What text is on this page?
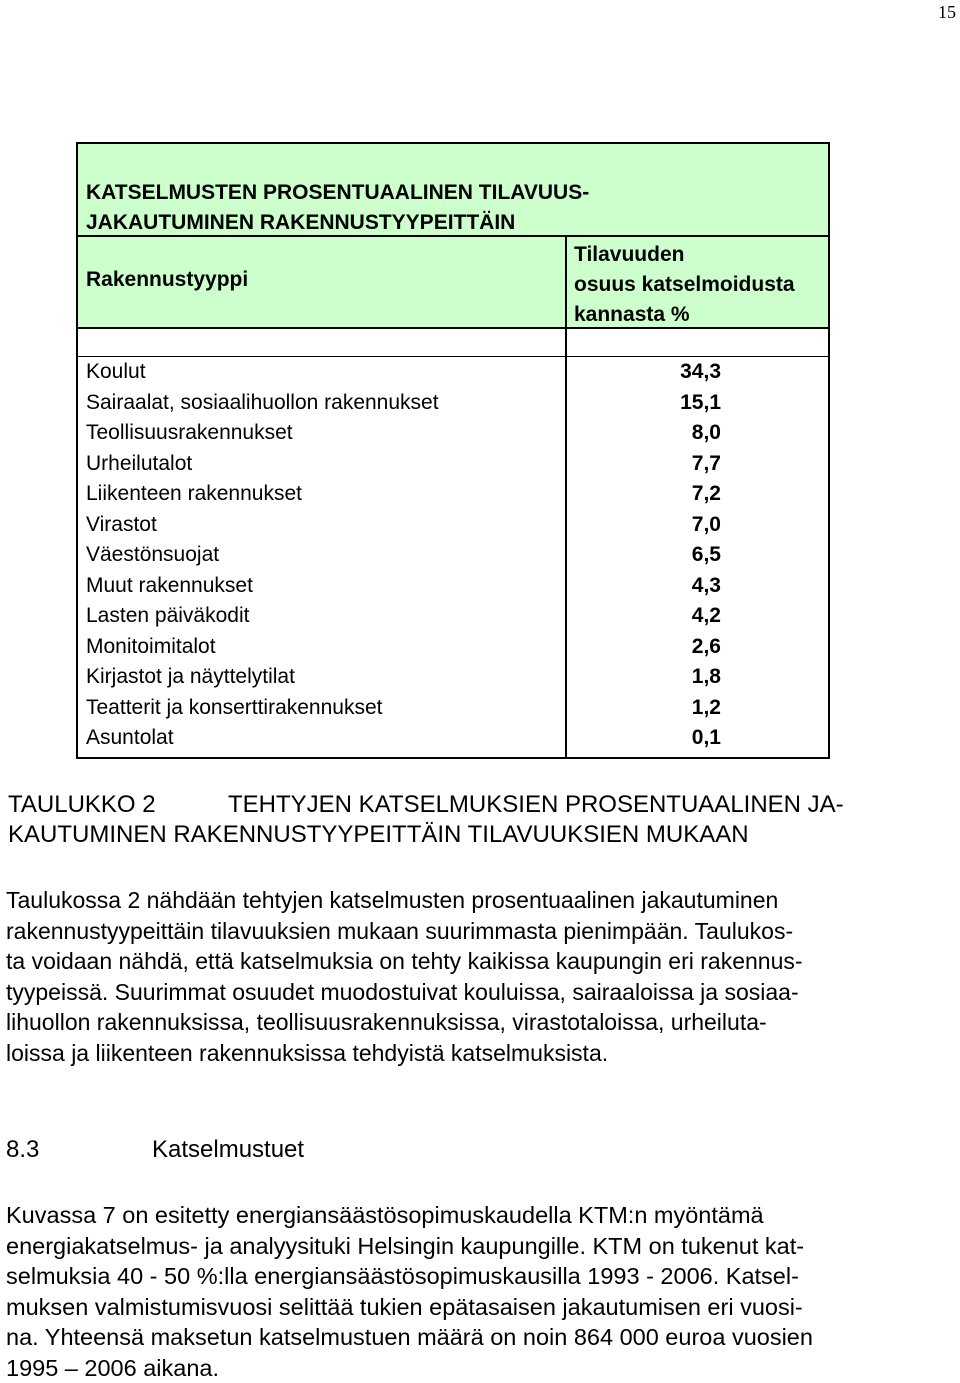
15
KATSELMUSTEN PROSENTUAALINEN TILAVUUS-
JAKAUTUMINEN RAKENNUSTYYPEITTÄIN
Rakennustyyppi
Tilavuuden
osuus katselmoidusta
kannasta %
Koulut	34,3
Sairaalat, sosiaalihuollon rakennukset	15,1
Teollisuusrakennukset	8,0
Urheilutalot	7,7
Liikenteen rakennukset	7,2
Virastot	7,0
Väestönsuojat	6,5
Muut rakennukset	4,3
Lasten päiväkodit	4,2
Monitoimitalot	2,6
Kirjastot ja näyttelytilat	1,8
Teatterit ja konserttirakennukset	1,2
Asuntolat	0,1
TAULUKKO 2	TEHTYJEN KATSELMUKSIEN PROSENTUAALINEN JA-
KAUTUMINEN RAKENNUSTYYPEITTÄIN TILAVUUKSIEN MUKAAN
Taulukossa 2 nähdään tehtyjen katselmusten prosentuaalinen jakautuminen
rakennustyypeittäin tilavuuksien mukaan suurimmasta pienimpään. Taulukos-
ta voidaan nähdä, että katselmuksia on tehty kaikissa kaupungin eri rakennus-
tyypeissä. Suurimmat osuudet muodostuivat kouluissa, sairaaloissa ja sosiaa-
lihuollon rakennuksissa, teollisuusrakennuksissa, virastotaloissa, urheiluta-
loissa ja liikenteen rakennuksissa tehdyistä katselmuksista.
8.3	Katselmustuet
Kuvassa 7 on esitetty energiansäästösopimuskaudella KTM:n myöntämä
energiakatselmus- ja analyysituki Helsingin kaupungille. KTM on tukenut kat-
selmuksia 40 - 50 %:lla energiansäästösopimuskausilla 1993 - 2006. Katsel-
muksen valmistumisvuosi selittää tukien epätasaisen jakautumisen eri vuosi-
na. Yhteensä maksetun katselmustuen määrä on noin 864 000 euroa vuosien
1995 – 2006 aikana.
